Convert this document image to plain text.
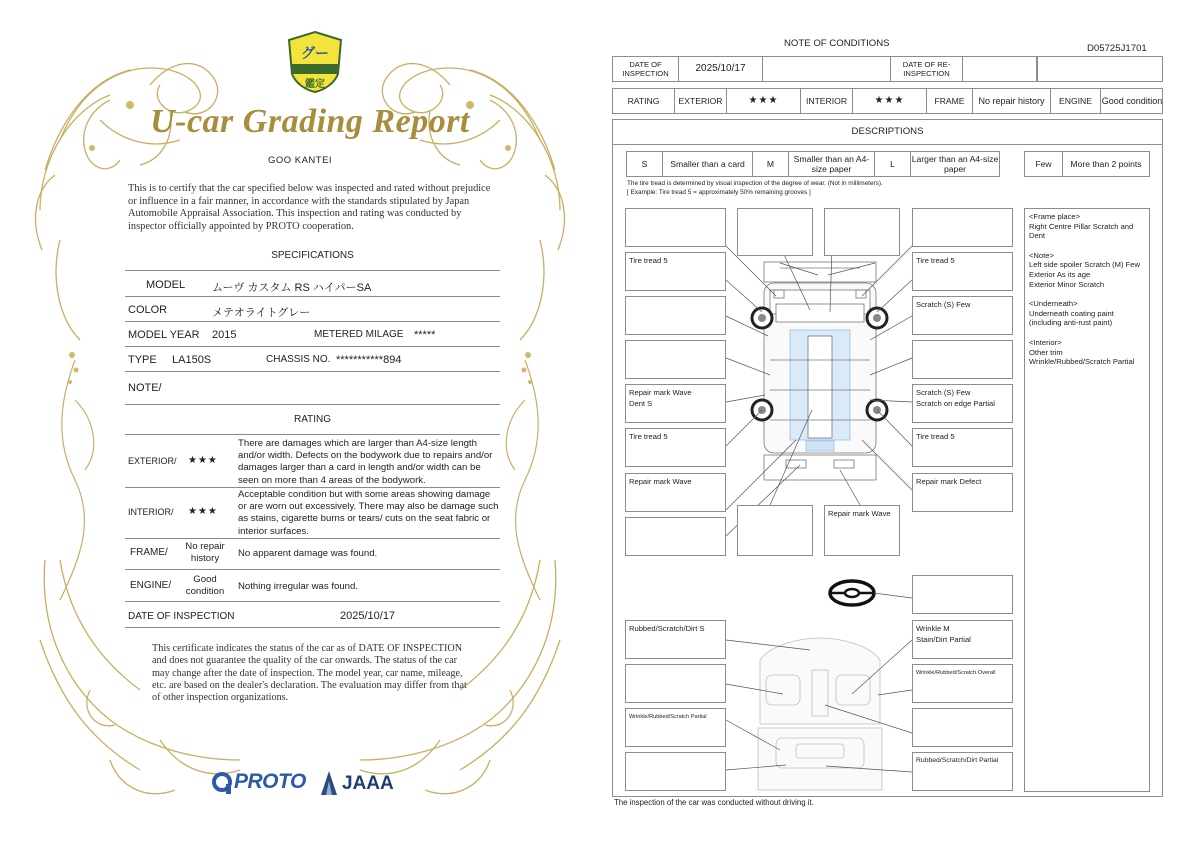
グー
鑑定
U-car Grading Report
GOO KANTEI
This is to certify that the car specified below was inspected and rated without prejudice or influence in a fair manner, in accordance with the standards stipulated by Japan Automobile Appraisal Association. This inspection and rating was conducted by inspector officially appointed by PROTO cooperation.
SPECIFICATIONS
MODEL ムーヴ カスタム RS ハイパーSA
COLOR	メテオライトグレー
MODEL YEAR 2015	METERED MILAGE *****
TYPE LA150S	CHASSIS NO. ***********894
NOTE/
RATING
EXTERIOR/ ★★★
There are damages which are larger than A4-size length and/or width. Defects on the bodywork due to repairs and/or damages larger than a card in length and/or width can be seen on more than 4 areas of the bodywork.
INTERIOR/ ★★★
Acceptable condition but with some areas showing damage or are worn out excessively. There may also be damage such as stains, cigarette burns or tears/ cuts on the seat fabric or interior surfaces.
FRAME/
No repair history	No apparent damage was found.
ENGINE/
Good condition	Nothing irregular was found.
DATE OF INSPECTION	2025/10/17
This certificate indicates the status of the car as of DATE OF INSPECTION and does not guarantee the quality of the car onwards. The status of the car may change after the date of inspection. The model year, car name, mileage, etc. are based on the dealer's declaration. The evaluation may differ from that of other inspection organizations.
PROTO JAAA
NOTE OF CONDITIONS	D05725J1701
DATE OF INSPECTION	2025/10/17	DATE OF RE-INSPECTION
RATING	EXTERIOR	★★★	INTERIOR	★★★	FRAME	No repair history	ENGINE	Good condition
DESCRIPTIONS
S	Smaller than a card	M	Smaller than an A4-size paper	L	Larger than an A4-size paper	Few	More than 2 points
The tire tread is determined by visual inspection of the degree of wear. (Not in millimeters).
[ Example: Tire tread 5 = approximately 50% remaining grooves ]
Tire tread 5	Tire tread 5
Scratch (S) Few
Repair mark Wave
Dent S
Scratch (S) Few
Scratch on edge Partial
Tire tread 5	Tire tread 5
Repair mark Wave	Repair mark Defect
Repair mark Wave
Rubbed/Scratch/Dirt S	Wrinkle M
Stain/Dirt Partial
Wrinkle/Rubbed/Scratch Overall
Wrinkle/Rubbed/Scratch Partial
Rubbed/Scratch/Dirt Partial
<Frame place>
Right Centre Pillar Scratch and Dent
<Note>
Left side spoiler Scratch (M) Few
Exterior As its age
Exterior Minor Scratch
<Underneath>
Underneath coating paint (including anti-rust paint)
<Interior>
Other trim
Wrinkle/Rubbed/Scratch Partial
The inspection of the car was conducted without driving it.
